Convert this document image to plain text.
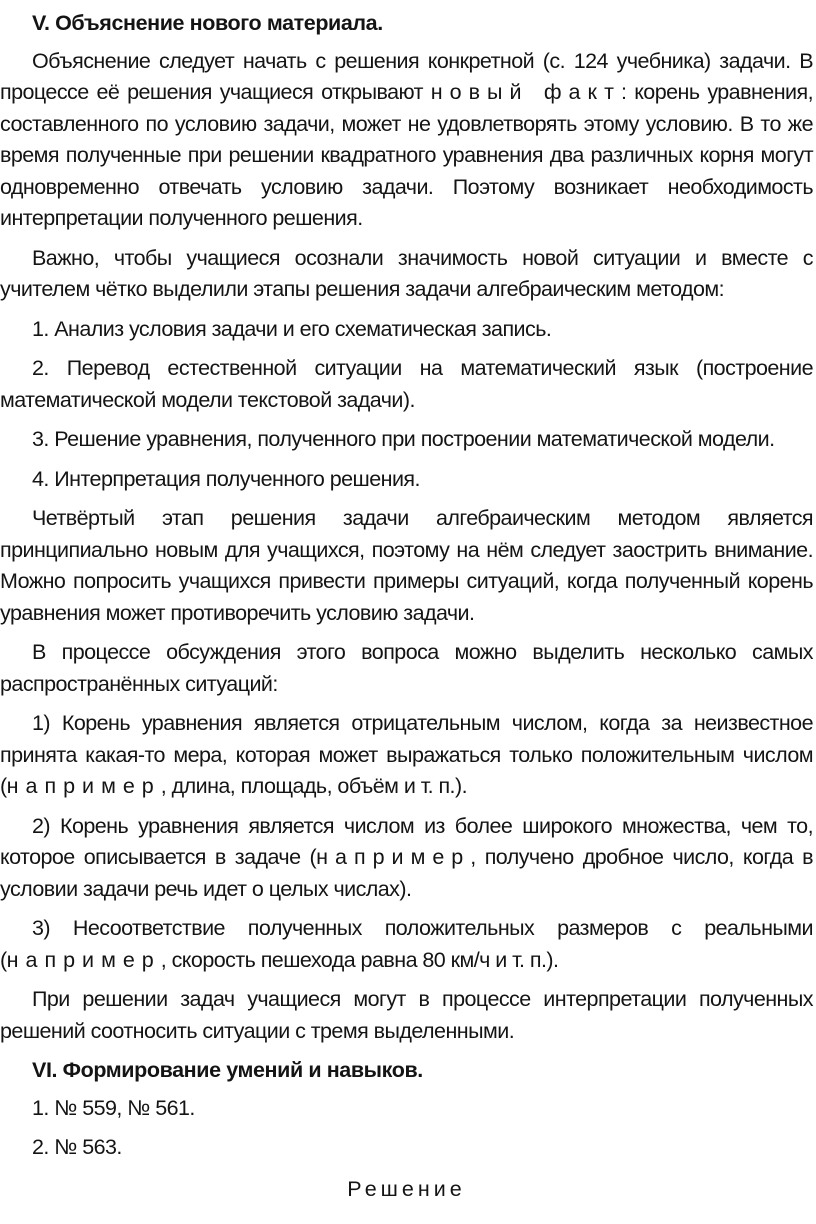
V. Объяснение нового материала.

Объяснение следует начать с решения конкретной (с. 124 учебника) задачи. В процессе её решения учащиеся открывают новый факт: корень уравнения, составленного по условию задачи, может не удовлетворять этому условию. В то же время полученные при решении квадратного уравнения два различных корня могут одновременно отвечать условию задачи. Поэтому возникает необходимость интерпретации полученного решения.

Важно, чтобы учащиеся осознали значимость новой ситуации и вместе с учителем чётко выделили этапы решения задачи алгебраическим методом:

1. Анализ условия задачи и его схематическая запись.

2. Перевод естественной ситуации на математический язык (построение математической модели текстовой задачи).

3. Решение уравнения, полученного при построении математической модели.

4. Интерпретация полученного решения.

Четвёртый этап решения задачи алгебраическим методом является принципиально новым для учащихся, поэтому на нём следует заострить внимание. Можно попросить учащихся привести примеры ситуаций, когда полученный корень уравнения может противоречить условию задачи.

В процессе обсуждения этого вопроса можно выделить несколько самых распространённых ситуаций:

1) Корень уравнения является отрицательным числом, когда за неизвестное принята какая-то мера, которая может выражаться только положительным числом (например, длина, площадь, объём и т. п.).

2) Корень уравнения является числом из более широкого множества, чем то, которое описывается в задаче (например, получено дробное число, когда в условии задачи речь идет о целых числах).

3) Несоответствие полученных положительных размеров с реальными (например, скорость пешехода равна 80 км/ч и т. п.).

При решении задач учащиеся могут в процессе интерпретации полученных решений соотносить ситуации с тремя выделенными.

VI. Формирование умений и навыков.

1. № 559, № 561.

2. № 563.

Решение
